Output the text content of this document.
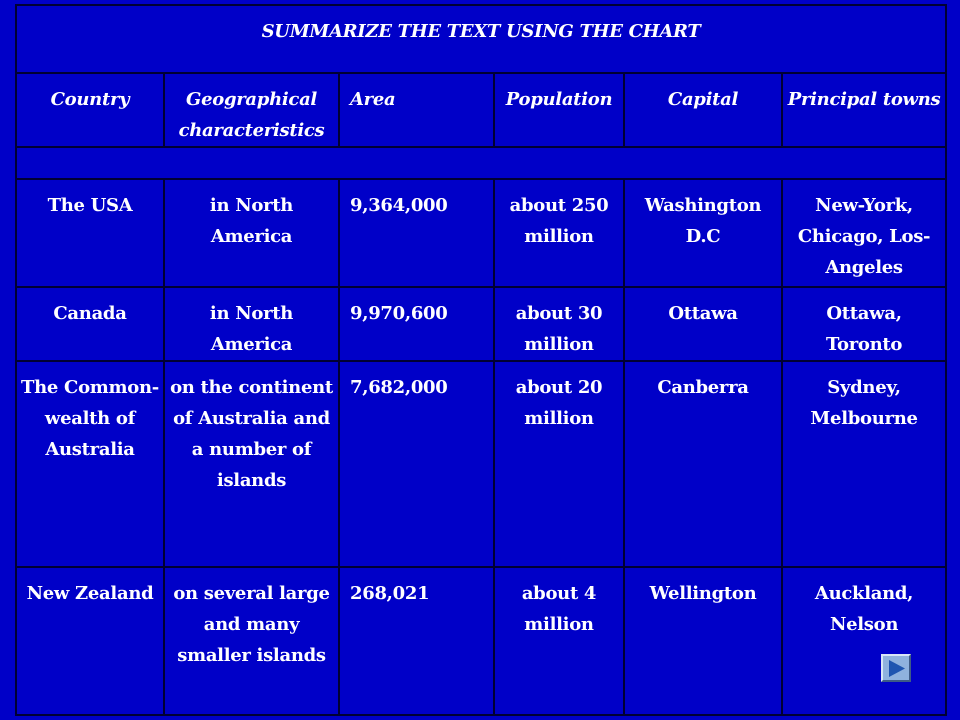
SUMMARIZE THE TEXT USING THE CHART					
Country	Geographical characteristics	Area	Population	Capital	Principal towns

The USA	in North America	9,364,000	about 250 million	Washington D.C	New-York, Chicago, Los-Angeles
Canada	in North America	9,970,600	about 30 million	Ottawa	Ottawa, Toronto
The Common-wealth of Australia	on the continent of Australia and a number of islands	7,682,000	about 20 million	Canberra	Sydney, Melbourne
New Zealand	on several large and many smaller islands	268,021	about 4 million	Wellington	Auckland, Nelson
